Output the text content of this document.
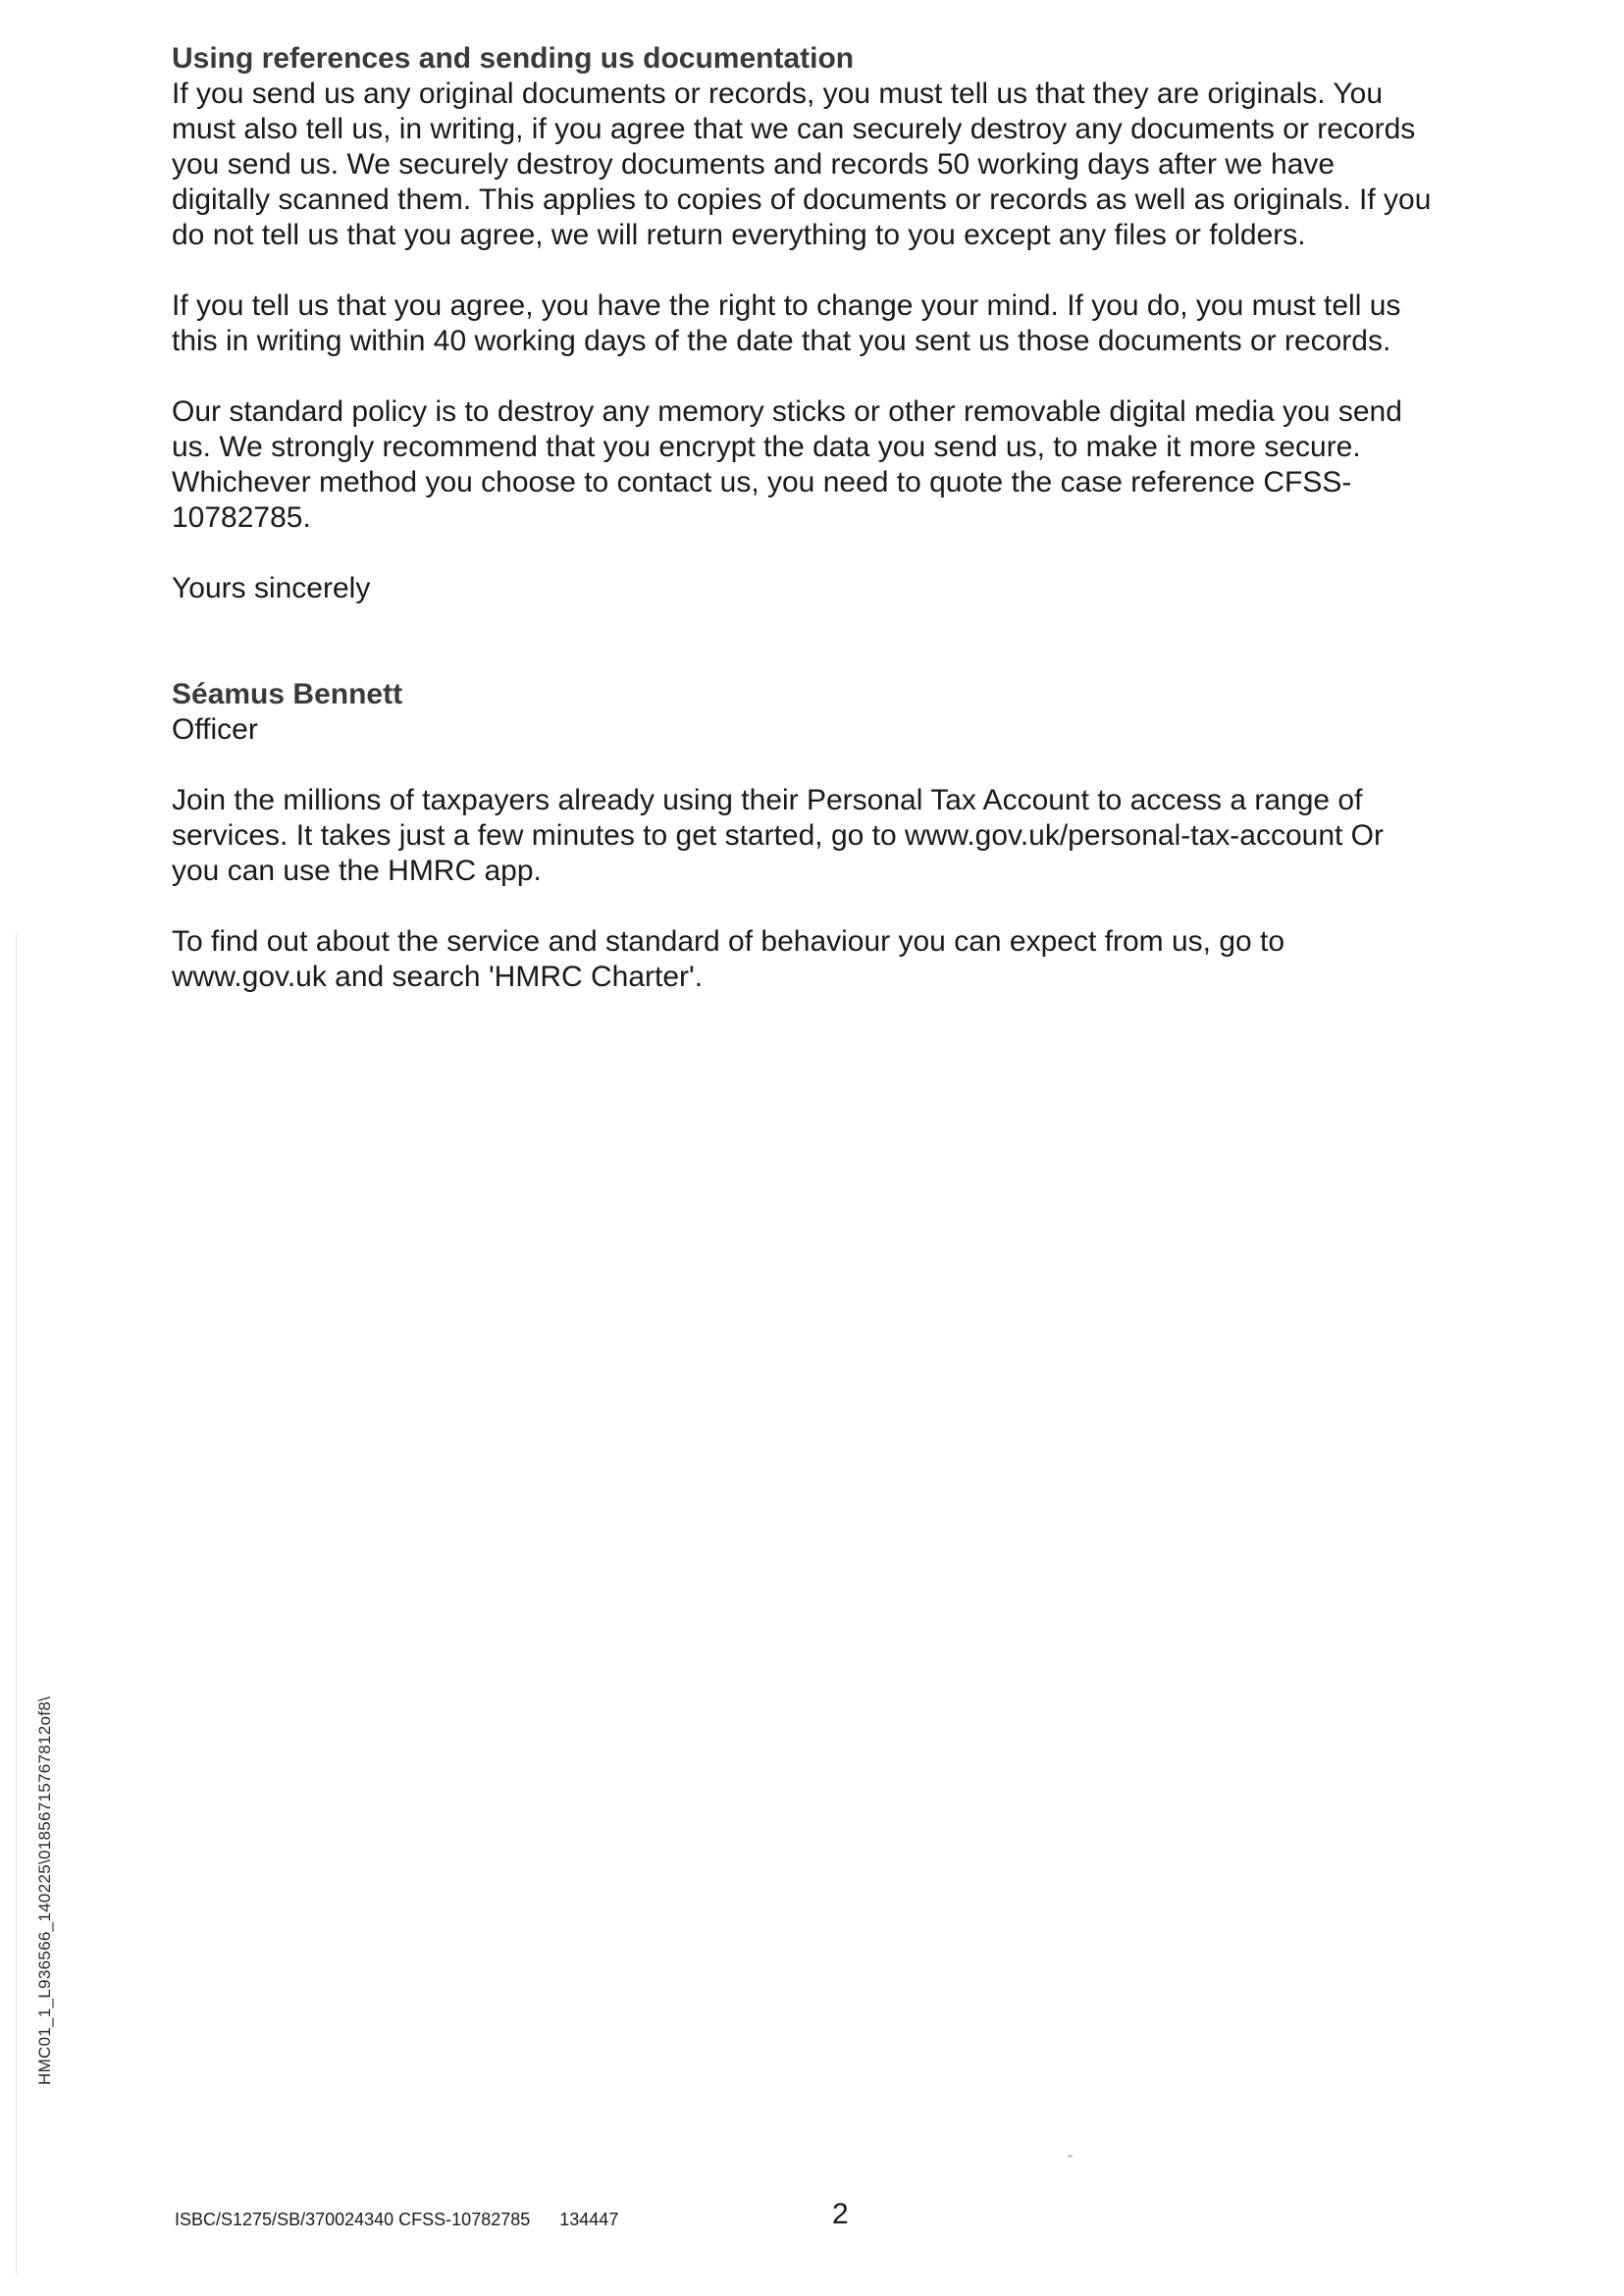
Using references and sending us documentation

If you send us any original documents or records, you must tell us that they are originals. You must also tell us, in writing, if you agree that we can securely destroy any documents or records you send us. We securely destroy documents and records 50 working days after we have digitally scanned them. This applies to copies of documents or records as well as originals. If you do not tell us that you agree, we will return everything to you except any files or folders.

If you tell us that you agree, you have the right to change your mind. If you do, you must tell us this in writing within 40 working days of the date that you sent us those documents or records.

Our standard policy is to destroy any memory sticks or other removable digital media you send us. We strongly recommend that you encrypt the data you send us, to make it more secure. Whichever method you choose to contact us, you need to quote the case reference CFSS-10782785.

Yours sincerely

Séamus Bennett

Officer

Join the millions of taxpayers already using their Personal Tax Account to access a range of services. It takes just a few minutes to get started, go to www.gov.uk/personal-tax-account Or you can use the HMRC app.

To find out about the service and standard of behaviour you can expect from us, go to www.gov.uk and search 'HMRC Charter'.

HMC01_1_L936566_140225\01856715767812of8\
ISBC/S1275/SB/370024340 CFSS-10782785 134447	2
